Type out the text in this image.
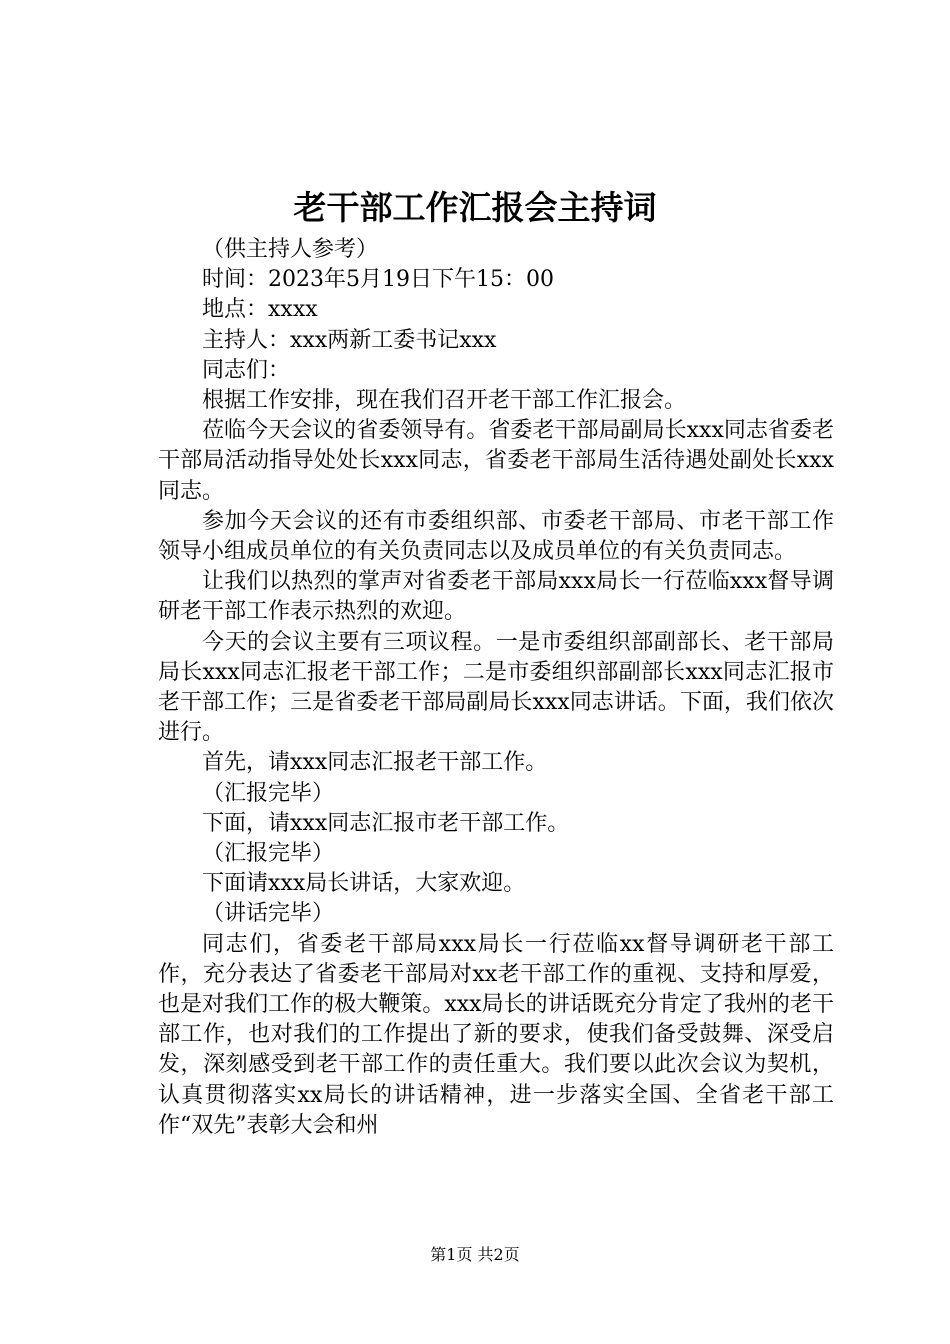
老干部工作汇报会主持词

（供主持人参考）

时间：2023年5月19日下午15：00

地点：xxxx

主持人：xxx两新工委书记xxx

同志们：

根据工作安排，现在我们召开老干部工作汇报会。

莅临今天会议的省委领导有。省委老干部局副局长xxx同志省委老干部局活动指导处处长xxx同志，省委老干部局生活待遇处副处长xxx同志。

参加今天会议的还有市委组织部、市委老干部局、市老干部工作领导小组成员单位的有关负责同志以及成员单位的有关负责同志。

让我们以热烈的掌声对省委老干部局xxx局长一行莅临xxx督导调研老干部工作表示热烈的欢迎。

今天的会议主要有三项议程。一是市委组织部副部长、老干部局局长xxx同志汇报老干部工作；二是市委组织部副部长xxx同志汇报市老干部工作；三是省委老干部局副局长xxx同志讲话。下面，我们依次进行。

首先，请xxx同志汇报老干部工作。

（汇报完毕）

下面，请xxx同志汇报市老干部工作。

（汇报完毕）

下面请xxx局长讲话，大家欢迎。

（讲话完毕）

同志们，省委老干部局xxx局长一行莅临xx督导调研老干部工作，充分表达了省委老干部局对xx老干部工作的重视、支持和厚爱，也是对我们工作的极大鞭策。xxx局长的讲话既充分肯定了我州的老干部工作，也对我们的工作提出了新的要求，使我们备受鼓舞、深受启发，深刻感受到老干部工作的责任重大。我们要以此次会议为契机，认真贯彻落实xx局长的讲话精神，进一步落实全国、全省老干部工作“双先”表彰大会和州

第1页 共2页
